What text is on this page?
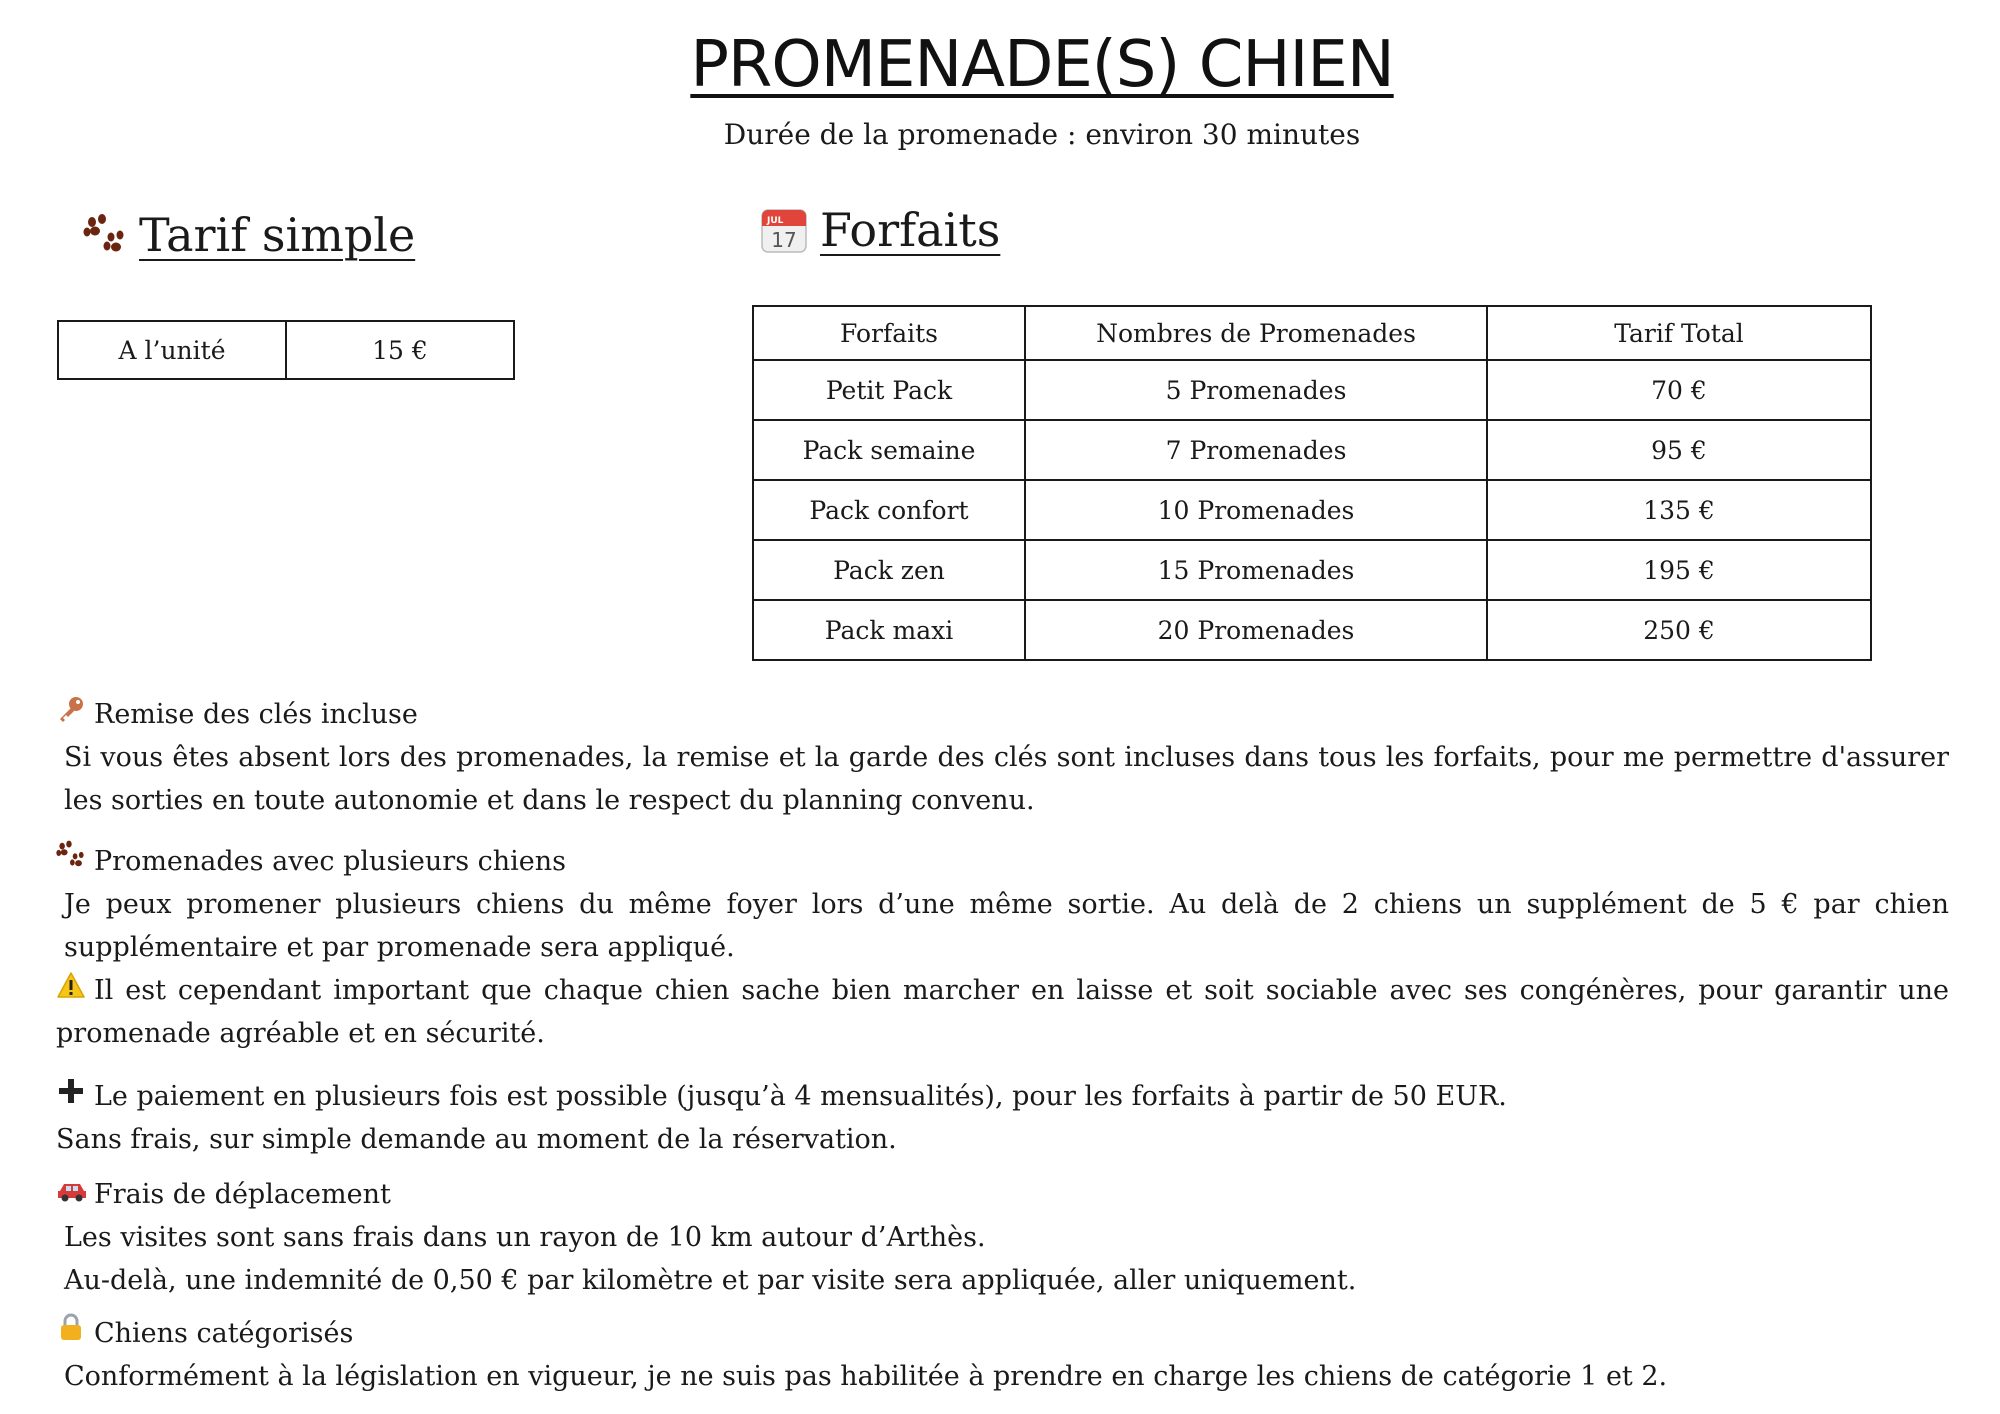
PROMENADE(S) CHIEN
Durée de la promenade : environ 30 minutes
Tarif simple
A l’unité	15 €
JUL
17 Forfaits
Forfaits	Nombres de Promenades	Tarif Total
Petit Pack	5 Promenades	70 €
Pack semaine	7 Promenades	95 €
Pack confort	10 Promenades	135 €
Pack zen	15 Promenades	195 €
Pack maxi	20 Promenades	250 €

Remise des clés incluse

Si vous êtes absent lors des promenades, la remise et la garde des clés sont incluses dans tous les forfaits, pour me permettre d'assurer les sorties en toute autonomie et dans le respect du planning convenu.

Promenades avec plusieurs chiens

Je peux promener plusieurs chiens du même foyer lors d’une même sortie. Au delà de 2 chiens un supplément de 5 € par chien supplémentaire et par promenade sera appliqué.

Il est cependant important que chaque chien sache bien marcher en laisse et soit sociable avec ses congénères, pour garantir une promenade agréable et en sécurité.

Le paiement en plusieurs fois est possible (jusqu’à 4 mensualités), pour les forfaits à partir de 50 EUR.

Sans frais, sur simple demande au moment de la réservation.

Frais de déplacement

Les visites sont sans frais dans un rayon de 10 km autour d’Arthès.

Au-delà, une indemnité de 0,50 € par kilomètre et par visite sera appliquée, aller uniquement.

Chiens catégorisés

Conformément à la législation en vigueur, je ne suis pas habilitée à prendre en charge les chiens de catégorie 1 et 2.
